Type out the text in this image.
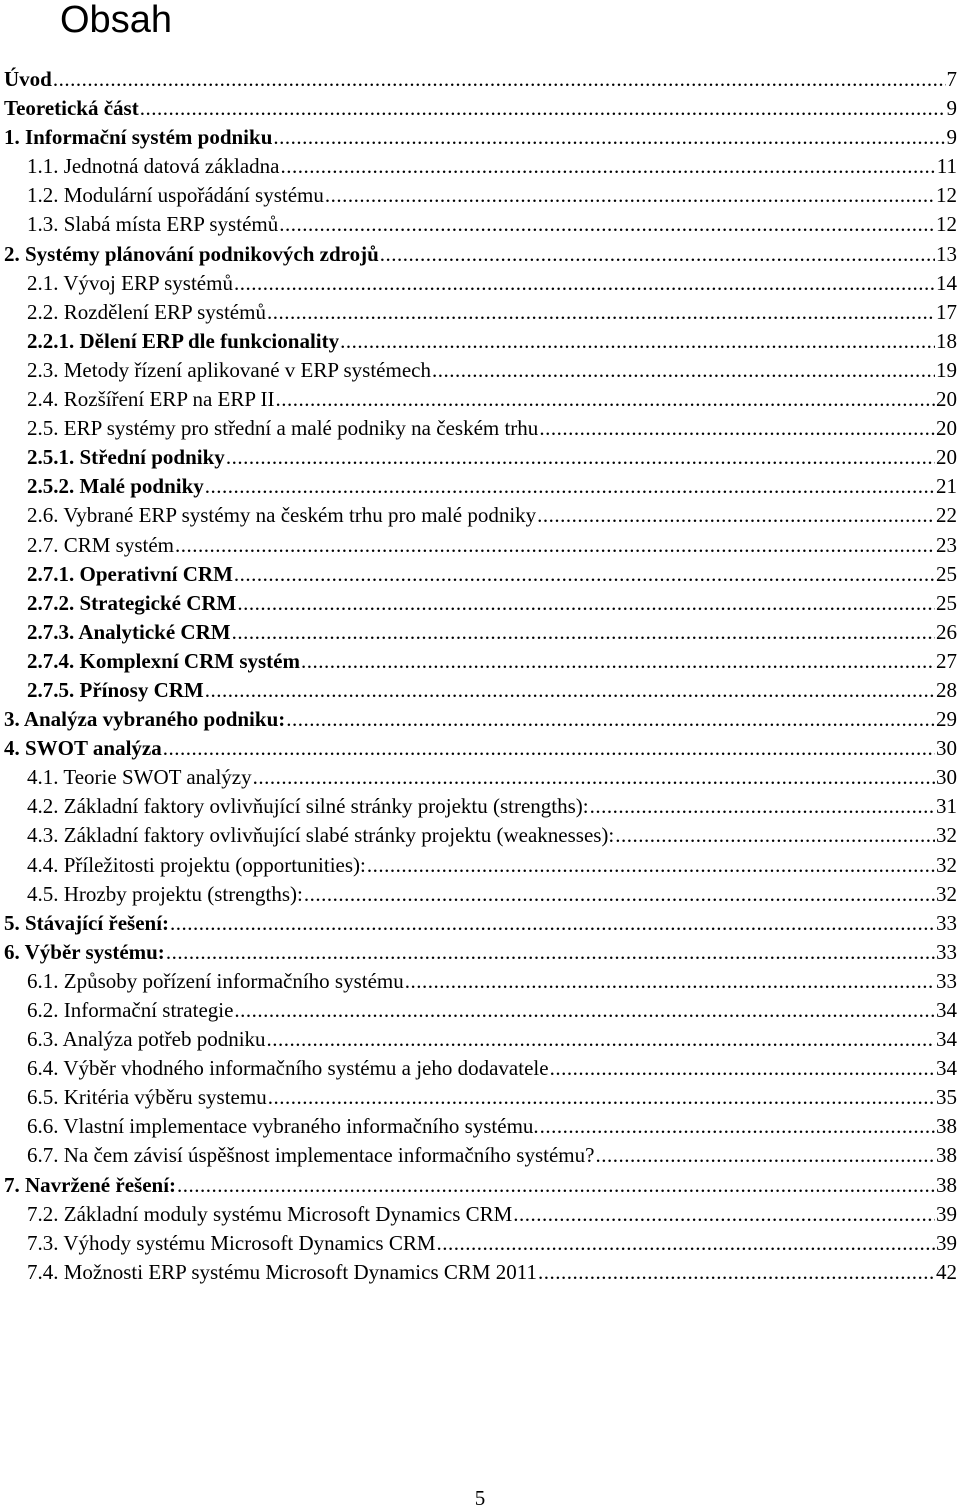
Obsah
Úvod .....	7
Teoretická část .....	9
1. Informační systém podniku .....	9
1.1. Jednotná datová základna .....	11
1.2. Modulární uspořádání systému .....	12
1.3. Slabá místa ERP systémů .....	12
2. Systémy plánování podnikových zdrojů .....	13
2.1. Vývoj ERP systémů .....	14
2.2. Rozdělení ERP systémů .....	17
2.2.1. Dělení ERP dle funkcionality .....	18
2.3. Metody řízení aplikované v ERP systémech .....	19
2.4. Rozšíření ERP na ERP II .....	20
2.5. ERP systémy pro střední a malé podniky na českém trhu .....	20
2.5.1. Střední podniky .....	20
2.5.2. Malé podniky .....	21
2.6. Vybrané ERP systémy na českém trhu pro malé podniky .....	22
2.7. CRM systém .....	23
2.7.1. Operativní CRM .....	25
2.7.2. Strategické CRM .....	25
2.7.3. Analytické CRM .....	26
2.7.4. Komplexní CRM systém .....	27
2.7.5. Přínosy CRM .....	28
3. Analýza vybraného podniku: .....	29
4. SWOT analýza .....	30
4.1. Teorie SWOT analýzy .....	30
4.2. Základní faktory ovlivňující silné stránky projektu (strengths): .....	31
4.3. Základní faktory ovlivňující slabé stránky projektu (weaknesses): .....	32
4.4. Příležitosti projektu (opportunities): .....	32
4.5. Hrozby projektu (strengths): .....	32
5. Stávající řešení: .....	33
6. Výběr systému: .....	33
6.1. Způsoby pořízení informačního systému .....	33
6.2. Informační strategie .....	34
6.3. Analýza potřeb podniku .....	34
6.4. Výběr vhodného informačního systému a jeho dodavatele .....	34
6.5. Kritéria výběru systemu .....	35
6.6. Vlastní implementace vybraného informačního systému. .....	38
6.7. Na čem závisí úspěšnost implementace informačního systému? .....	38
7. Navržené řešení: .....	38
7.2. Základní moduly systému Microsoft Dynamics CRM .....	39
7.3. Výhody systému Microsoft Dynamics CRM .....	39
7.4. Možnosti ERP systému Microsoft Dynamics CRM 2011 .....	42
5
